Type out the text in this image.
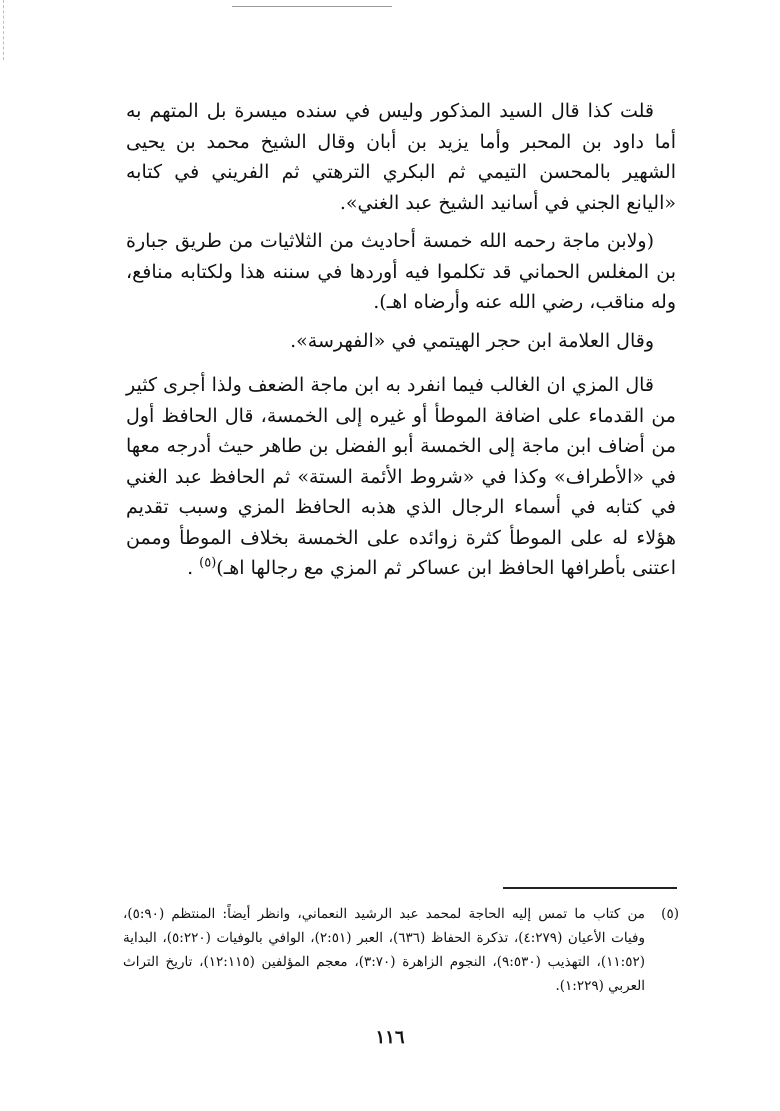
قلت كذا قال السيد المذكور وليس في سنده ميسرة بل المتهم به أما داود بن المحبر وأما يزيد بن أبان وقال الشيخ محمد بن يحيى الشهير بالمحسن التيمي ثم البكري الترهتي ثم الفريني في كتابه «اليانع الجني في أسانيد الشيخ عبد الغني».

(ولابن ماجة رحمه الله خمسة أحاديث من الثلاثيات من طريق جبارة بن المغلس الحماني قد تكلموا فيه أوردها في سننه هذا ولكتابه منافع، وله مناقب، رضي الله عنه وأرضاه اهـ).

وقال العلامة ابن حجر الهيتمي في «الفهرسة».

قال المزي ان الغالب فيما انفرد به ابن ماجة الضعف ولذا أجرى كثير من القدماء على اضافة الموطأ أو غيره إلى الخمسة، قال الحافظ أول من أضاف ابن ماجة إلى الخمسة أبو الفضل بن طاهر حيث أدرجه معها في «الأطراف» وكذا في «شروط الأئمة الستة» ثم الحافظ عبد الغني في كتابه في أسماء الرجال الذي هذبه الحافظ المزي وسبب تقديم هؤلاء له على الموطأ كثرة زوائده على الخمسة بخلاف الموطأ وممن اعتنى بأطرافها الحافظ ابن عساكر ثم المزي مع رجالها اهـ)$^{(٥)}$ .

(٥)
من كتاب ما تمس إليه الحاجة لمحمد عبد الرشيد النعماني، وانظر أيضاً: المنتظم (٥:٩٠)، وفيات الأعيان (٤:٢٧٩)، تذكرة الحفاظ (٦٣٦)، العبر (٢:٥١)، الوافي بالوفيات (٥:٢٢٠)، البداية (١١:٥٢)، التهذيب (٩:٥٣٠)، النجوم الزاهرة (٣:٧٠)، معجم المؤلفين (١٢:١١٥)، تاريخ التراث العربي (١:٢٢٩).
١١٦
